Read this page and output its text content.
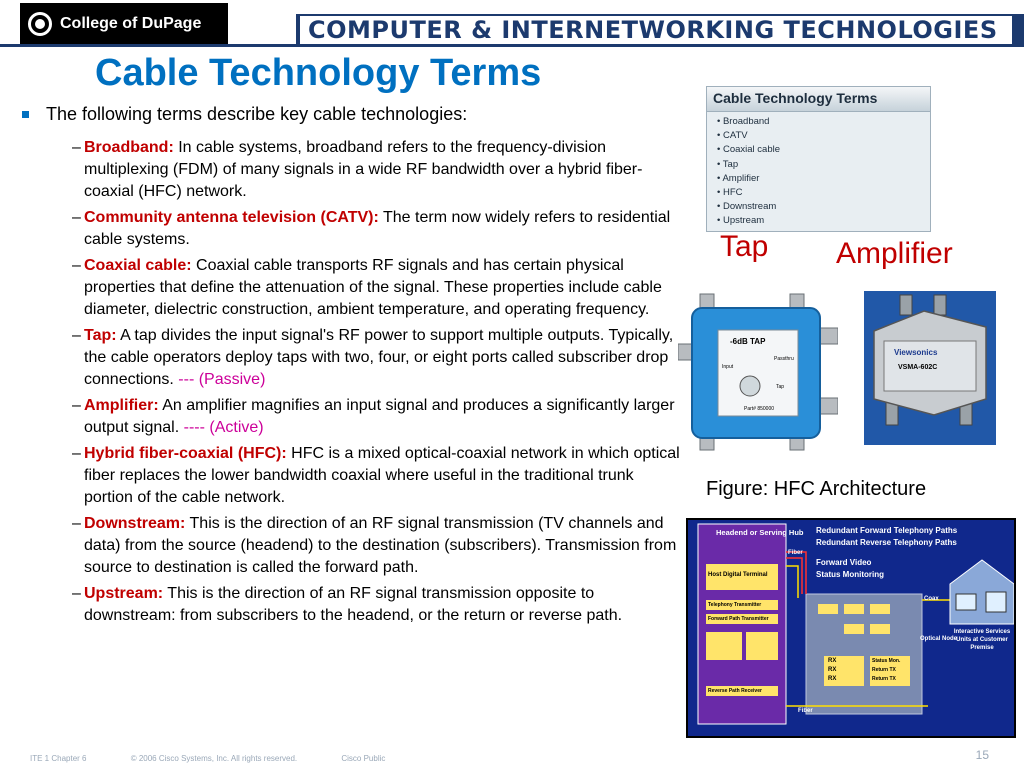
College of DuPage	COMPUTER & INTERNETWORKING TECHNOLOGIES
Cable Technology Terms
The following terms describe key cable technologies:
– Broadband: In cable systems, broadband refers to the frequency-division multiplexing (FDM) of many signals in a wide RF bandwidth over a hybrid fiber-coaxial (HFC) network.
– Community antenna television (CATV): The term now widely refers to residential cable systems.
– Coaxial cable: Coaxial cable transports RF signals and has certain physical properties that define the attenuation of the signal. These properties include cable diameter, dielectric construction, ambient temperature, and operating frequency.
– Tap: A tap divides the input signal's RF power to support multiple outputs. Typically, the cable operators deploy taps with two, four, or eight ports called subscriber drop connections. --- (Passive)
– Amplifier: An amplifier magnifies an input signal and produces a significantly larger output signal. ---- (Active)
– Hybrid fiber-coaxial (HFC): HFC is a mixed optical-coaxial network in which optical fiber replaces the lower bandwidth coaxial where useful in the traditional trunk portion of the cable network.
– Downstream: This is the direction of an RF signal transmission (TV channels and data) from the source (headend) to the destination (subscribers). Transmission from source to destination is called the forward path.
– Upstream: This is the direction of an RF signal transmission opposite to downstream: from subscribers to the headend, or the return or reverse path.
Cable Technology Terms
• Broadband
• CATV
• Coaxial cable
• Tap
• Amplifier
• HFC
• Downstream
• Upstream
Tap Amplifier
-6dB TAP
Input
Passthru
Tap
Part# 850000
Viewsonics
VSMA-602C
Figure: HFC Architecture
Headend or Serving Hub
Host Digital Terminal
Telephony Transmitter
Forward Path Transmitter
Reverse Path Receiver
Redundant Forward Telephony Paths
Redundant Reverse Telephony Paths
Forward Video
Status Monitoring
Fiber
Fiber
Coax
Optical Node
RX
RX
RX
Status Mon.
Return TX
Return TX
Interactive Services Units at Customer Premise
ITE 1 Chapter 6	© 2006 Cisco Systems, Inc. All rights reserved.	Cisco Public	15
